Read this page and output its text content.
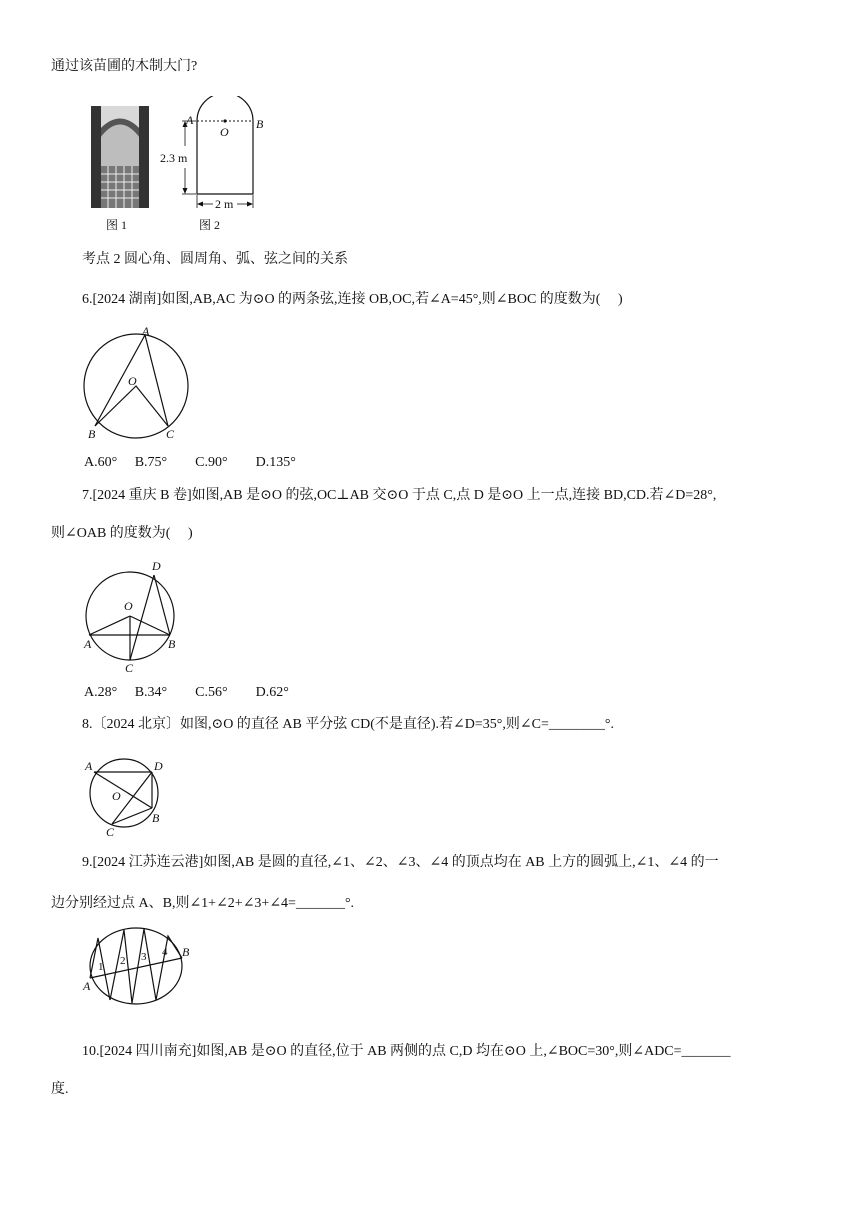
通过该苗圃的木制大门?
A
O
B
2.3 m
2 m
图 1	图 2
考点 2 圆心角、圆周角、弧、弦之间的关系
6.[2024 湖南]如图,AB,AC 为⊙O 的两条弦,连接 OB,OC,若∠A=45°,则∠BOC 的度数为(　 )
A
O
B	C
A.60°　 B.75°　　C.90°　　D.135°
7.[2024 重庆 B 卷]如图,AB 是⊙O 的弦,OC⊥AB 交⊙O 于点 C,点 D 是⊙O 上一点,连接 BD,CD.若∠D=28°,
则∠OAB 的度数为(　 )
D
O
A	B
C
A.28°　 B.34°　　C.56°　　D.62°
8.〔2024 北京〕如图,⊙O 的直径 AB 平分弦 CD(不是直径).若∠D=35°,则∠C=________°.
A	D
O
B
C
9.[2024 江苏连云港]如图,AB 是圆的直径,∠1、∠2、∠3、∠4 的顶点均在 AB 上方的圆弧上,∠1、∠4 的一
边分别经过点 A、B,则∠1+∠2+∠3+∠4=_______°.
A
B
1 2 3 4
10.[2024 四川南充]如图,AB 是⊙O 的直径,位于 AB 两侧的点 C,D 均在⊙O 上,∠BOC=30°,则∠ADC=_______
度.
